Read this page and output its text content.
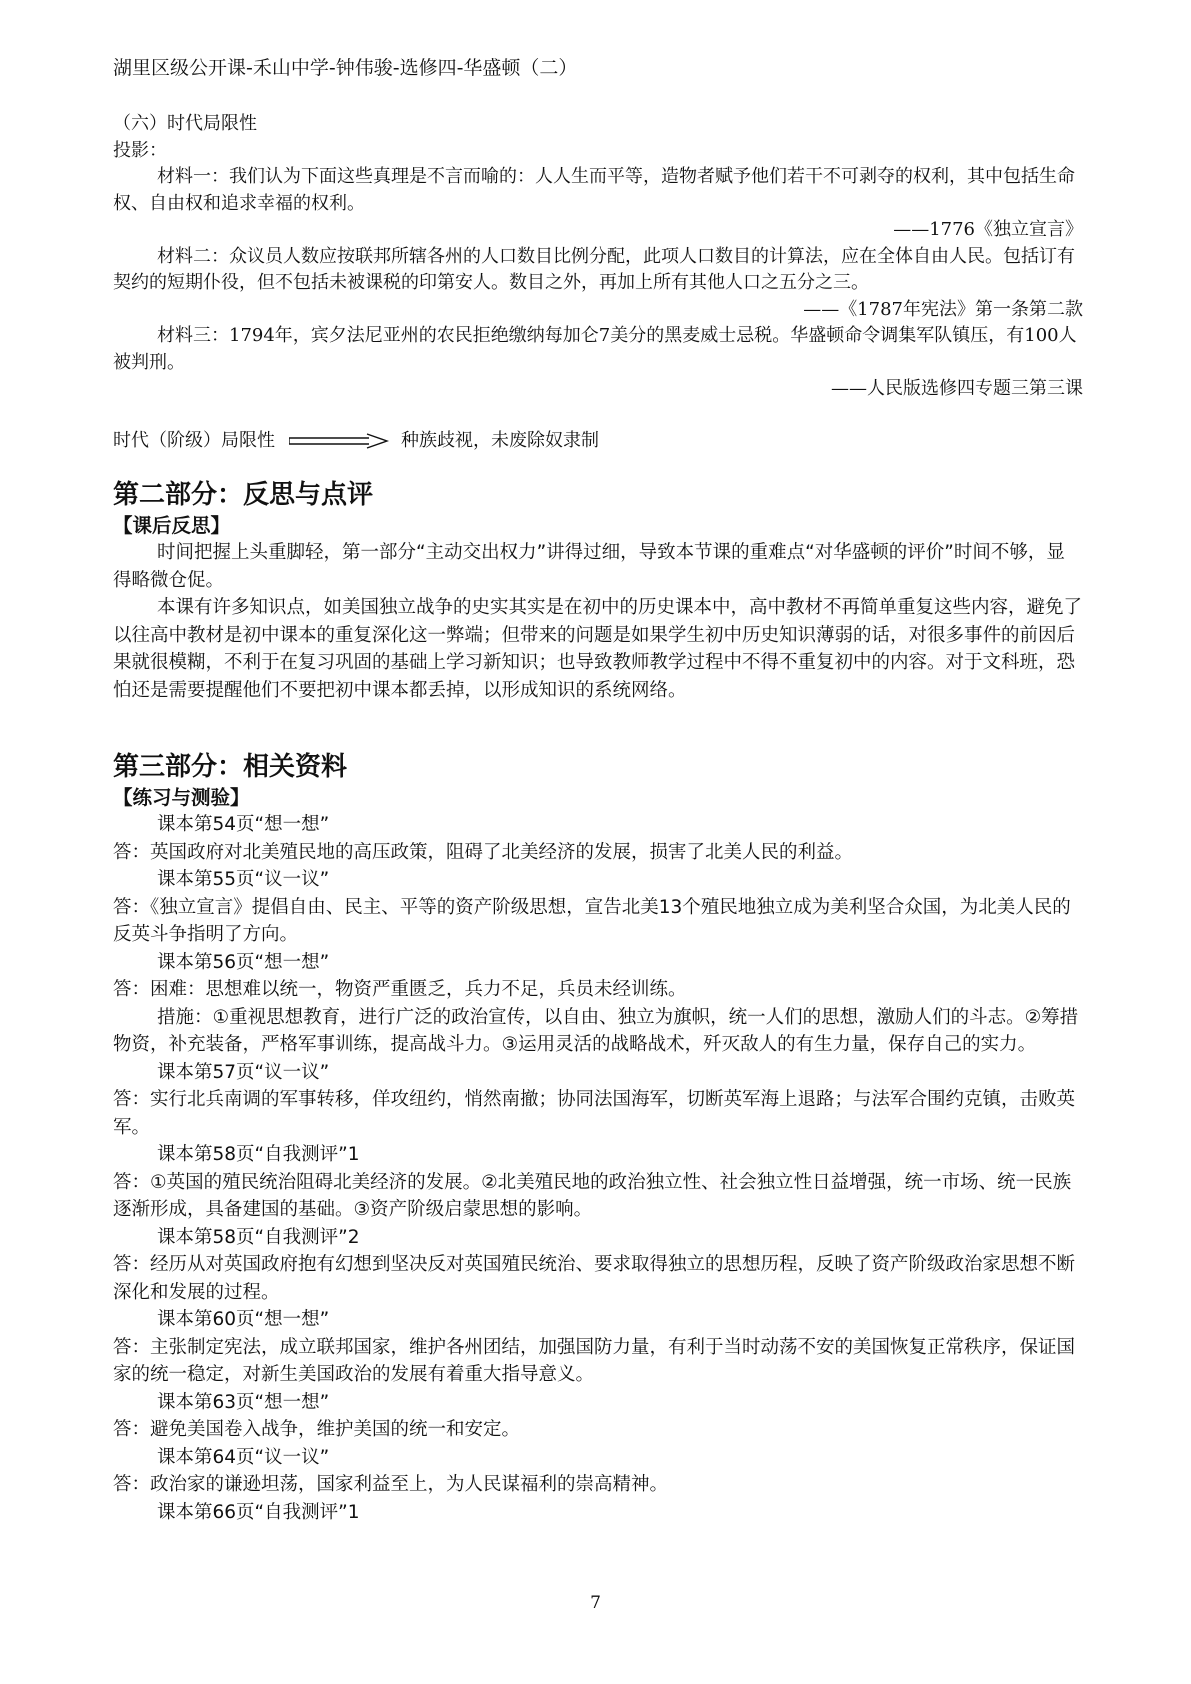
湖里区级公开课-禾山中学-钟伟骏-选修四-华盛顿（二）

（六）时代局限性

投影：

材料一：我们认为下面这些真理是不言而喻的：人人生而平等，造物者赋予他们若干不可剥夺的权利，其中包括生命权、自由权和追求幸福的权利。

——1776《独立宣言》

材料二：众议员人数应按联邦所辖各州的人口数目比例分配，此项人口数目的计算法，应在全体自由人民。包括订有契约的短期仆役，但不包括未被课税的印第安人。数目之外，再加上所有其他人口之五分之三。

——《1787年宪法》第一条第二款

材料三：1794年，宾夕法尼亚州的农民拒绝缴纳每加仑7美分的黑麦威士忌税。华盛顿命令调集军队镇压，有100人被判刑。

——人民版选修四专题三第三课

时代（阶级）局限性	种族歧视，未废除奴隶制
第二部分：反思与点评
【课后反思】

时间把握上头重脚轻，第一部分“主动交出权力”讲得过细，导致本节课的重难点“对华盛顿的评价”时间不够，显得略微仓促。

本课有许多知识点，如美国独立战争的史实其实是在初中的历史课本中，高中教材不再简单重复这些内容，避免了以往高中教材是初中课本的重复深化这一弊端；但带来的问题是如果学生初中历史知识薄弱的话，对很多事件的前因后果就很模糊，不利于在复习巩固的基础上学习新知识；也导致教师教学过程中不得不重复初中的内容。对于文科班，恐怕还是需要提醒他们不要把初中课本都丢掉，以形成知识的系统网络。

第三部分：相关资料
【练习与测验】

课本第54页“想一想”

答：英国政府对北美殖民地的高压政策，阻碍了北美经济的发展，损害了北美人民的利益。

课本第55页“议一议”

答：《独立宣言》提倡自由、民主、平等的资产阶级思想，宣告北美13个殖民地独立成为美利坚合众国，为北美人民的反英斗争指明了方向。

课本第56页“想一想”

答：困难：思想难以统一，物资严重匮乏，兵力不足，兵员未经训练。

措施：①重视思想教育，进行广泛的政治宣传，以自由、独立为旗帜，统一人们的思想，激励人们的斗志。②筹措物资，补充装备，严格军事训练，提高战斗力。③运用灵活的战略战术，歼灭敌人的有生力量，保存自己的实力。

课本第57页“议一议”

答：实行北兵南调的军事转移，佯攻纽约，悄然南撤；协同法国海军，切断英军海上退路；与法军合围约克镇，击败英军。

课本第58页“自我测评”1

答：①英国的殖民统治阻碍北美经济的发展。②北美殖民地的政治独立性、社会独立性日益增强，统一市场、统一民族逐渐形成，具备建国的基础。③资产阶级启蒙思想的影响。

课本第58页“自我测评”2

答：经历从对英国政府抱有幻想到坚决反对英国殖民统治、要求取得独立的思想历程，反映了资产阶级政治家思想不断深化和发展的过程。

课本第60页“想一想”

答：主张制定宪法，成立联邦国家，维护各州团结，加强国防力量，有利于当时动荡不安的美国恢复正常秩序，保证国家的统一稳定，对新生美国政治的发展有着重大指导意义。

课本第63页“想一想”

答：避免美国卷入战争，维护美国的统一和安定。

课本第64页“议一议”

答：政治家的谦逊坦荡，国家利益至上，为人民谋福利的崇高精神。

课本第66页“自我测评”1

7
